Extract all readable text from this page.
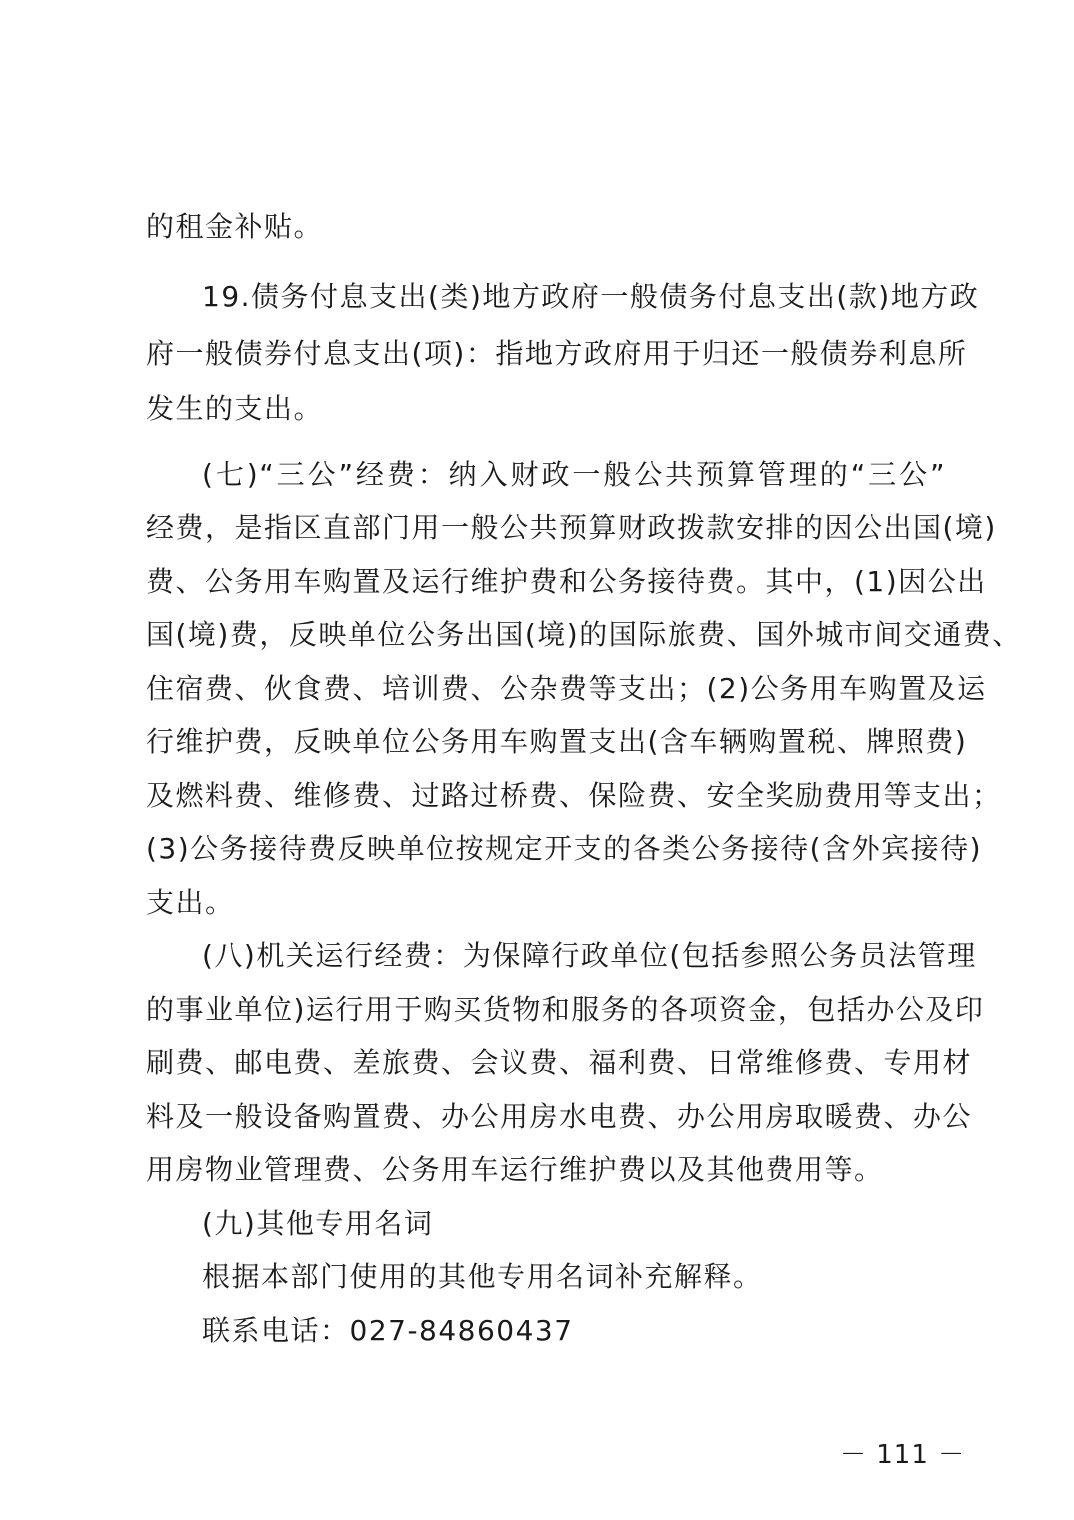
的租金补贴。
19.债务付息支出(类)地方政府一般债务付息支出(款)地方政
府一般债券付息支出(项)：指地方政府用于归还一般债券利息所
发生的支出。
(七)“三公”经费：纳入财政一般公共预算管理的“三公”
经费，是指区直部门用一般公共预算财政拨款安排的因公出国(境)
费、公务用车购置及运行维护费和公务接待费。其中，(1)因公出
国(境)费，反映单位公务出国(境)的国际旅费、国外城市间交通费、
住宿费、伙食费、培训费、公杂费等支出；(2)公务用车购置及运
行维护费，反映单位公务用车购置支出(含车辆购置税、牌照费)
及燃料费、维修费、过路过桥费、保险费、安全奖励费用等支出；
(3)公务接待费反映单位按规定开支的各类公务接待(含外宾接待)
支出。
(八)机关运行经费：为保障行政单位(包括参照公务员法管理
的事业单位)运行用于购买货物和服务的各项资金，包括办公及印
刷费、邮电费、差旅费、会议费、福利费、日常维修费、专用材
料及一般设备购置费、办公用房水电费、办公用房取暖费、办公
用房物业管理费、公务用车运行维护费以及其他费用等。
(九)其他专用名词
根据本部门使用的其他专用名词补充解释。
联系电话：027-84860437
－ 111 －
